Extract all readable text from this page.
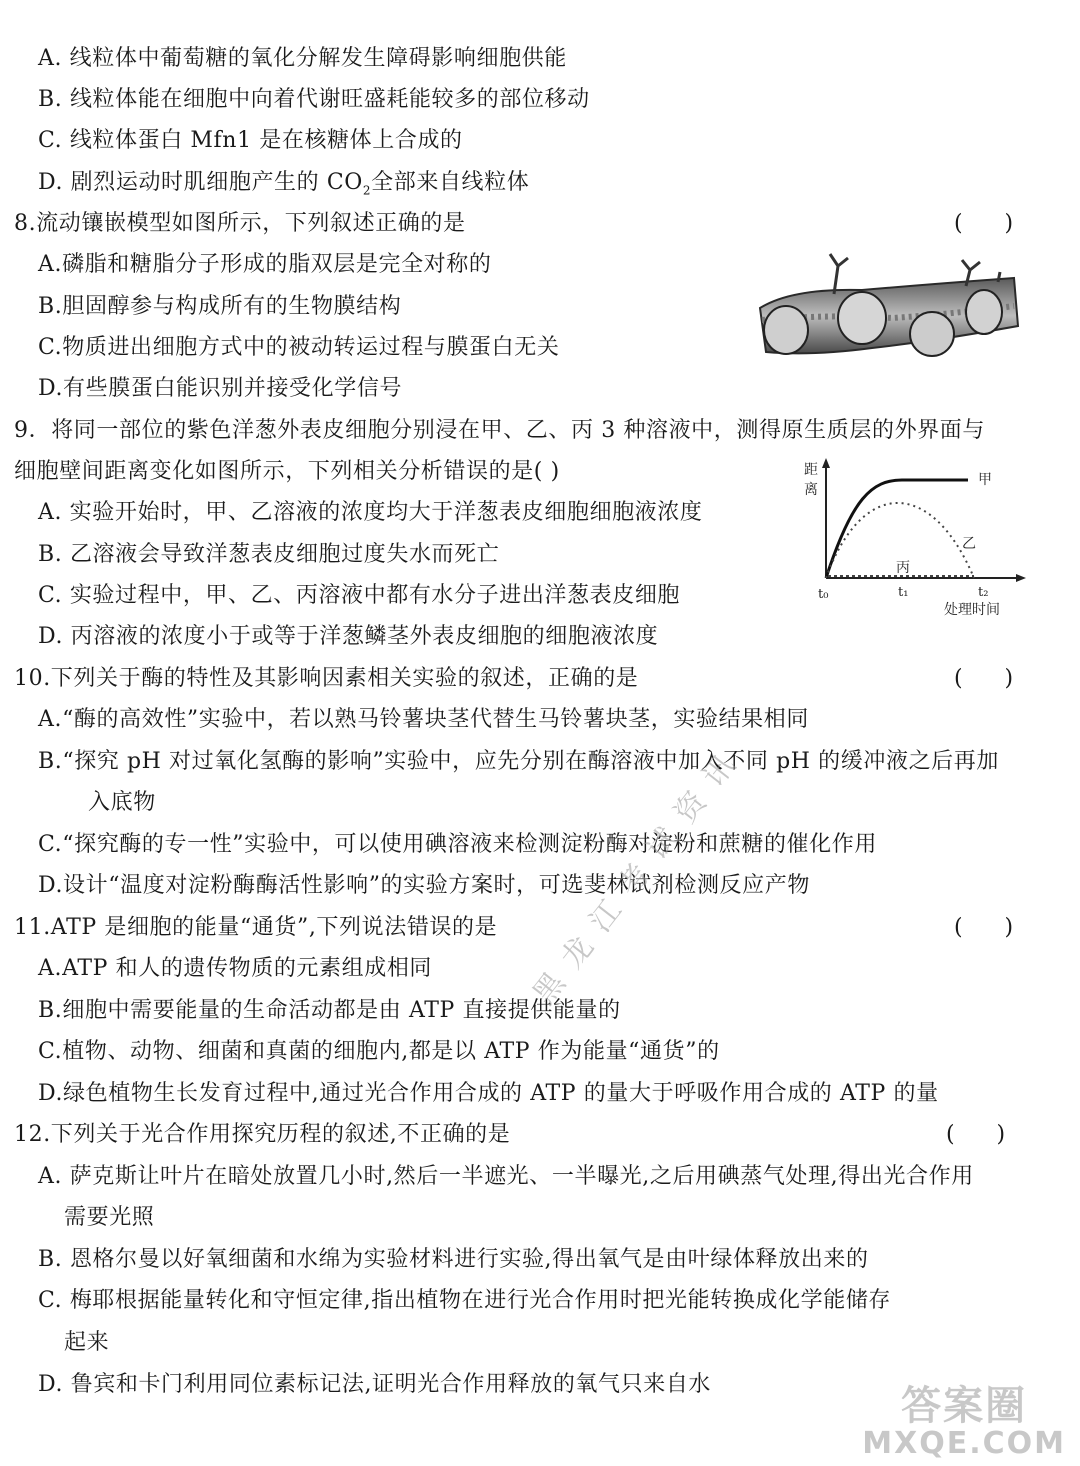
A. 线粒体中葡萄糖的氧化分解发生障碍影响细胞供能
B. 线粒体能在细胞中向着代谢旺盛耗能较多的部位移动
C. 线粒体蛋白 Mfn1 是在核糖体上合成的
D. 剧烈运动时肌细胞产生的 $CO_2$全部来自线粒体
8.流动镶嵌模型如图所示，下列叙述正确的是	(      )
A.磷脂和糖脂分子形成的脂双层是完全对称的
B.胆固醇参与构成所有的生物膜结构
C.物质进出细胞方式中的被动转运过程与膜蛋白无关
D.有些膜蛋白能识别并接受化学信号
9．将同一部位的紫色洋葱外表皮细胞分别浸在甲、乙、丙 3 种溶液中，测得原生质层的外界面与
细胞壁间距离变化如图所示，下列相关分析错误的是( )
A. 实验开始时，甲、乙溶液的浓度均大于洋葱表皮细胞细胞液浓度
B. 乙溶液会导致洋葱表皮细胞过度失水而死亡
C. 实验过程中，甲、乙、丙溶液中都有水分子进出洋葱表皮细胞
D. 丙溶液的浓度小于或等于洋葱鳞茎外表皮细胞的细胞液浓度
距
离
甲
乙
丙
t₀	t₁	t₂
处理时间
10.下列关于酶的特性及其影响因素相关实验的叙述，正确的是	(      )
A.“酶的高效性”实验中，若以熟马铃薯块茎代替生马铃薯块茎，实验结果相同
B.“探究 pH 对过氧化氢酶的影响”实验中，应先分别在酶溶液中加入不同 pH 的缓冲液之后再加
入底物
C.“探究酶的专一性”实验中，可以使用碘溶液来检测淀粉酶对淀粉和蔗糖的催化作用
D.设计“温度对淀粉酶酶活性影响”的实验方案时，可选斐林试剂检测反应产物
11.ATP 是细胞的能量“通货”,下列说法错误的是	(      )
A.ATP 和人的遗传物质的元素组成相同
B.细胞中需要能量的生命活动都是由 ATP 直接提供能量的
C.植物、动物、细菌和真菌的细胞内,都是以 ATP 作为能量“通货”的
D.绿色植物生长发育过程中,通过光合作用合成的 ATP 的量大于呼吸作用合成的 ATP 的量
12.下列关于光合作用探究历程的叙述,不正确的是	(      )
A. 萨克斯让叶片在暗处放置几小时,然后一半遮光、一半曝光,之后用碘蒸气处理,得出光合作用
需要光照
B. 恩格尔曼以好氧细菌和水绵为实验材料进行实验,得出氧气是由叶绿体释放出来的
C. 梅耶根据能量转化和守恒定律,指出植物在进行光合作用时把光能转换成化学能储存
起来
D. 鲁宾和卡门利用同位素标记法,证明光合作用释放的氧气只来自水
黑龙江考试资讯
答案圈
MXQE.COM
